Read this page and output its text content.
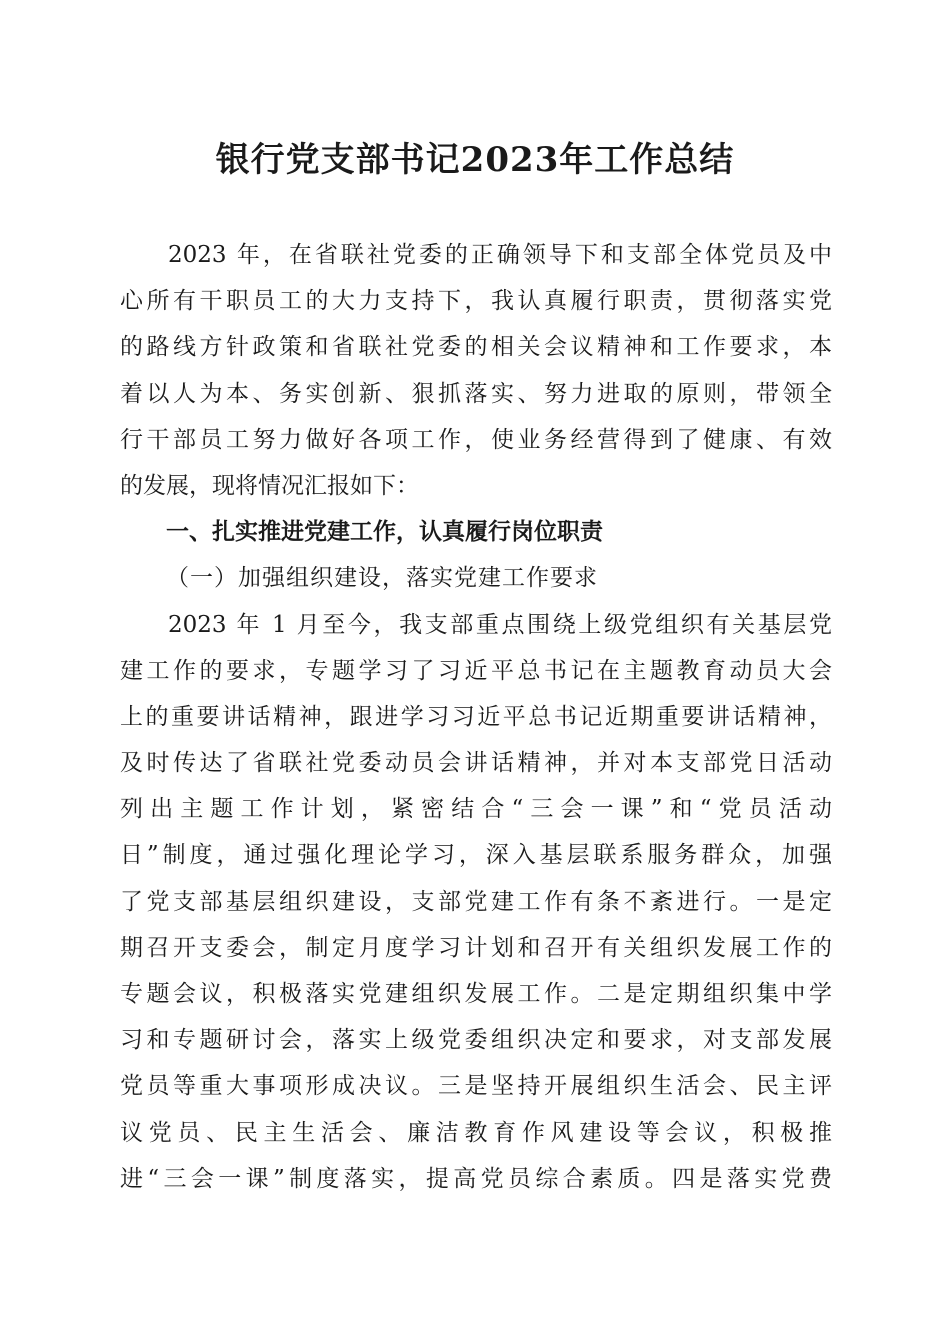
银行党支部书记2023年工作总结
2023 年，在省联社党委的正确领导下和支部全体党员及中
心所有干职员工的大力支持下，我认真履行职责，贯彻落实党
的路线方针政策和省联社党委的相关会议精神和工作要求，本
着以人为本、务实创新、狠抓落实、努力进取的原则，带领全
行干部员工努力做好各项工作，使业务经营得到了健康、有效
的发展，现将情况汇报如下：
一、扎实推进党建工作，认真履行岗位职责
（一）加强组织建设，落实党建工作要求
2023 年 1 月至今，我支部重点围绕上级党组织有关基层党
建工作的要求，专题学习了习近平总书记在主题教育动员大会
上的重要讲话精神，跟进学习习近平总书记近期重要讲话精神，
及时传达了省联社党委动员会讲话精神，并对本支部党日活动
列出主题工作计划，紧密结合“三会一课”和“党员活动
日”制度，通过强化理论学习，深入基层联系服务群众，加强
了党支部基层组织建设，支部党建工作有条不紊进行。一是定
期召开支委会，制定月度学习计划和召开有关组织发展工作的
专题会议，积极落实党建组织发展工作。二是定期组织集中学
习和专题研讨会，落实上级党委组织决定和要求，对支部发展
党员等重大事项形成决议。三是坚持开展组织生活会、民主评
议党员、民主生活会、廉洁教育作风建设等会议，积极推
进“三会一课”制度落实，提高党员综合素质。四是落实党费
